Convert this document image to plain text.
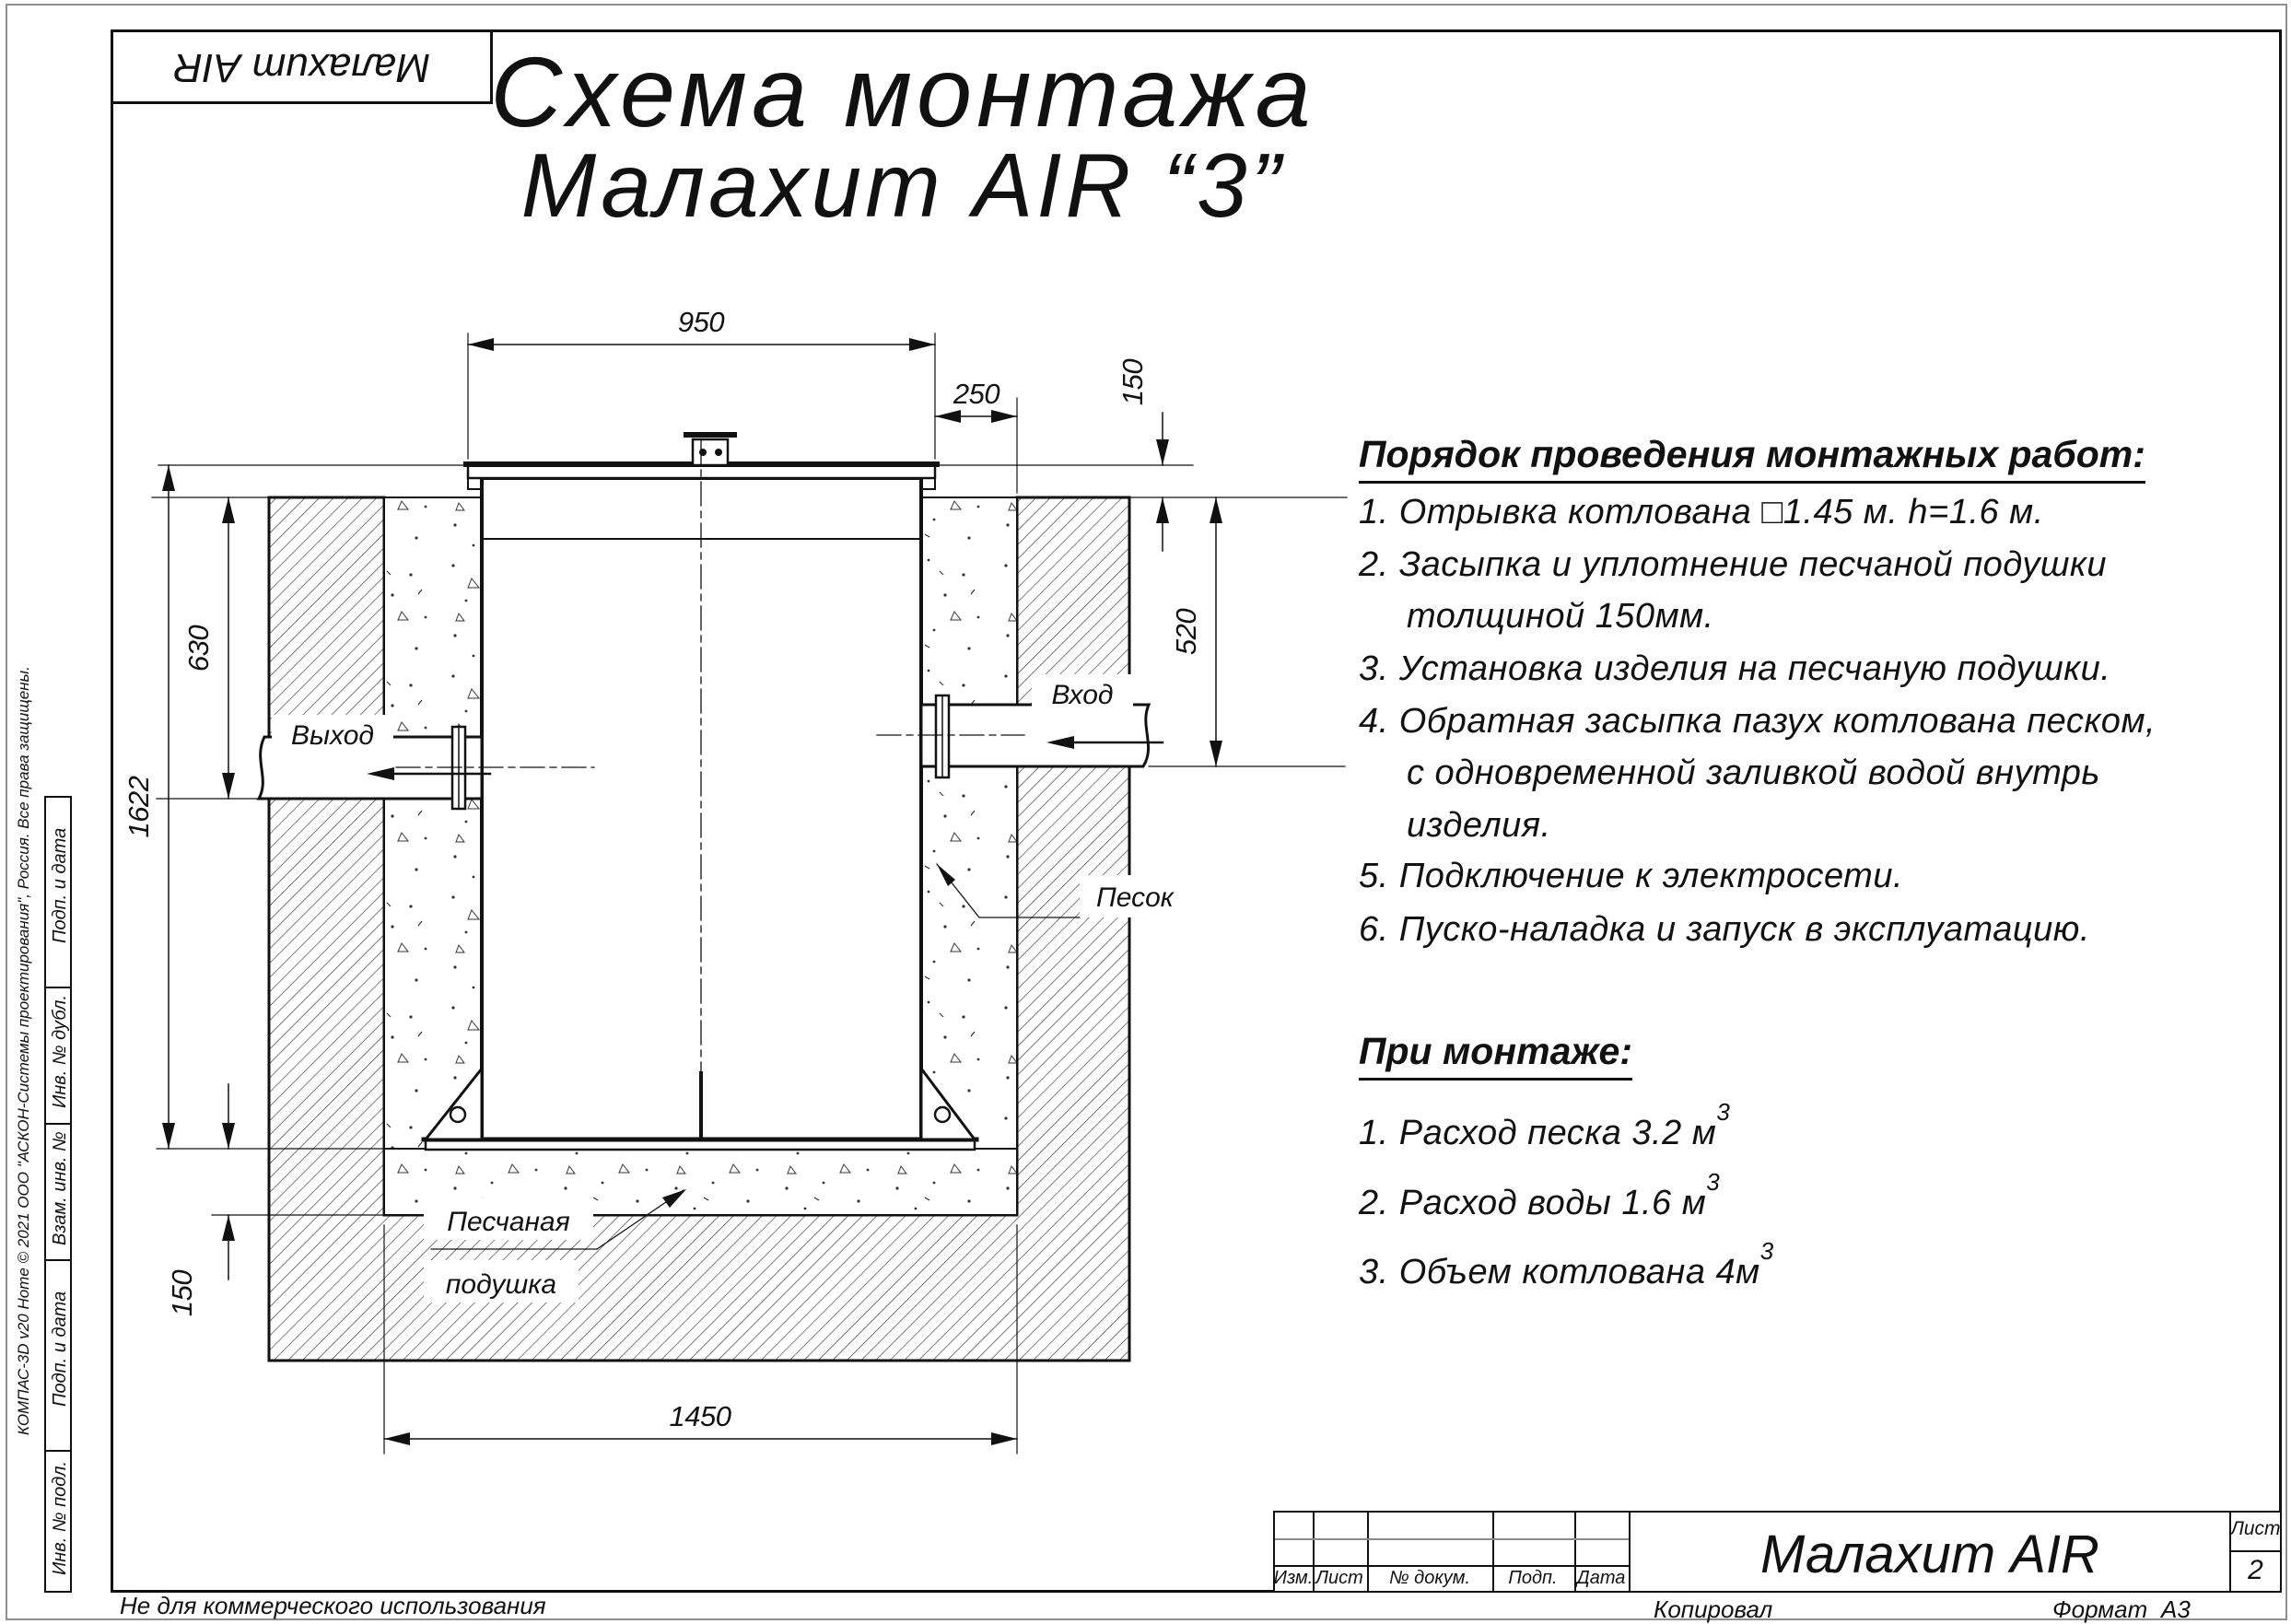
950
250	150
520
630
1622
150
1450
Выход
Вход
Песок
Песчаная
подушка
Малахит AIR Схема монтажа
Малахит AIR “3”
Порядок проведения монтажных работ:
1. Отрывка котлована □1.45 м. h=1.6 м.
2. Засыпка и уплотнение песчаной подушки
толщиной 150мм.
3. Установка изделия на песчаную подушки.
4. Обратная засыпка пазух котлована песком,
с одновременной заливкой водой внутрь
изделия.
5. Подключение к электросети.
6. Пуско-наладка и запуск в эксплуатацию.
При монтаже:
1. Расход песка 3.2 $м^3$
2. Расход воды 1.6 $м^3$
3. Объем котлована $4м^3$
Подп. и дата
Инв. № дубл.
Взам. инв. №
Подп. и дата
Инв. № подл.
КОМПАС-3D v20 Home © 2021 ООО "АСКОН-Системы проектирования", Россия. Все права защищены.
Не для коммерческого использования	Копировал	Формат А3
Изм. Лист № докум. Подп. Дата	Малахит AIR	Лист
2
